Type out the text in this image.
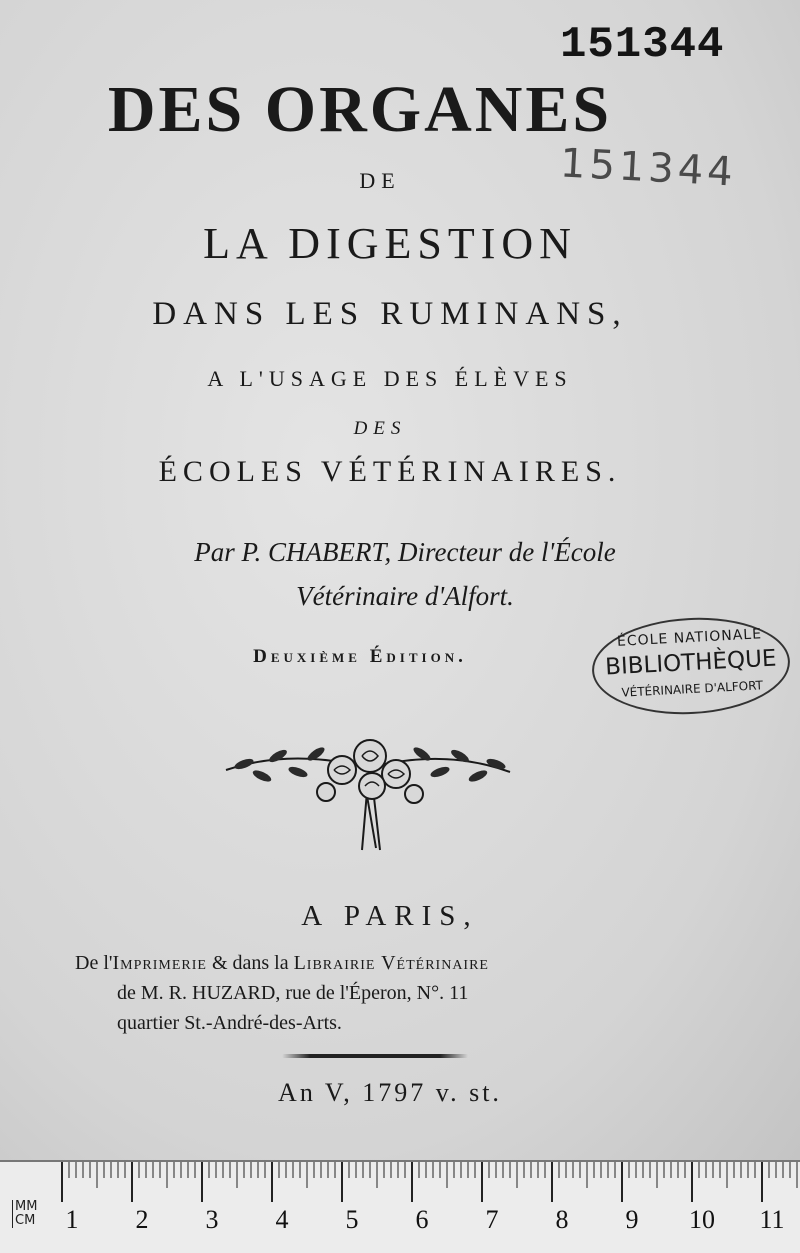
151344
151344
DES ORGANES
DE
LA DIGESTION
DANS LES RUMINANS,
A L'USAGE DES ÉLÈVES
DES
ÉCOLES VÉTÉRINAIRES.
Par P. CHABERT, Directeur de l'École
Vétérinaire d'Alfort.
Deuxième Édition.
ÉCOLE NATIONALE
BIBLIOTHÈQUE
VÉTÉRINAIRE D'ALFORT
A PARIS,
De l'Imprimerie & dans la Librairie Vétérinaire
de M. R. HUZARD, rue de l'Éperon, N°. 11
quartier St.-André-des-Arts.
An V, 1797 v. st.
1 2 3 4 5 6 7 8 9 10 11
MM
CM
